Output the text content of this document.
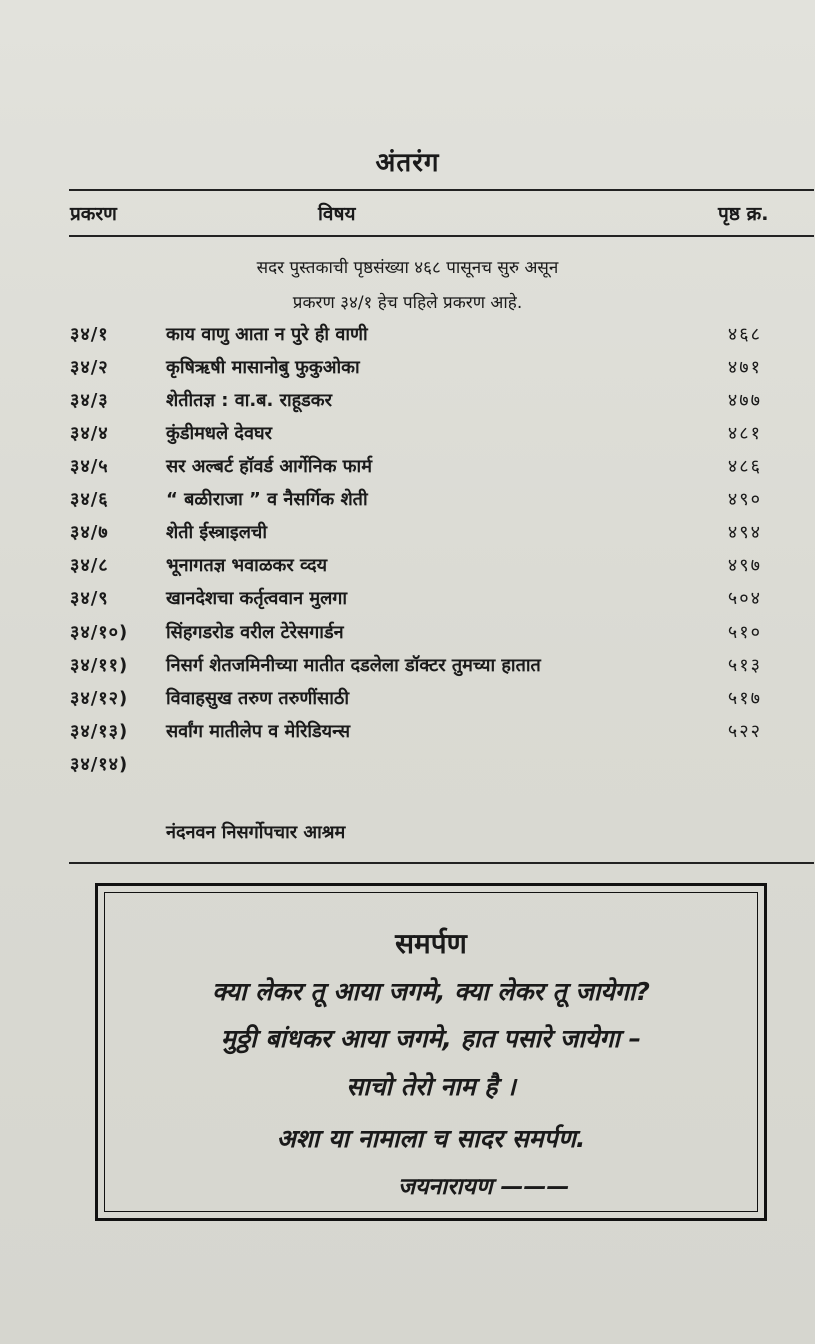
अंतरंग
प्रकरण	विषय	पृष्ठ क्र.
सदर पुस्तकाची पृष्ठसंख्या ४६८ पासूनच सुरु असून
प्रकरण ३४/१ हेच पहिले प्रकरण आहे.
३४/१	काय वाणु आता न पुरे ही वाणी	४६८
३४/२	कृषिऋषी मासानोबु फुकुओका	४७१
३४/३	शेतीतज्ञ : वा.ब. राहूडकर	४७७
३४/४	कुंडीमधले देवघर	४८१
३४/५	सर अल्बर्ट हॉवर्ड आर्गेनिक फार्म	४८६
३४/६	“ बळीराजा ” व नैसर्गिक शेती	४९०
३४/७	शेती ईस्त्राइलची	४९४
३४/८	भूनागतज्ञ भवाळकर व्दय	४९७
३४/९	खानदेशचा कर्तृत्ववान मुलगा	५०४
३४/१०) सिंहगडरोड वरील टेरेसगार्डन	५१०
३४/११) निसर्ग शेतजमिनीच्या मातीत दडलेला डॉक्टर तुमच्या हातात	५१३
३४/१२) विवाहसुख तरुण तरुणींसाठी	५१७
३४/१३) सर्वांग मातीलेप व मेरिडियन्स	५२२
३४/१४)
नंदनवन निसर्गोपचार आश्रम
समर्पण
क्या लेकर तू आया जगमे, क्या लेकर तू जायेगा?
मुठ्ठी बांधकर आया जगमे, हात पसारे जायेगा –
साचो तेरो नाम है ।
अशा या नामाला च सादर समर्पण.
जयनारायण ———
